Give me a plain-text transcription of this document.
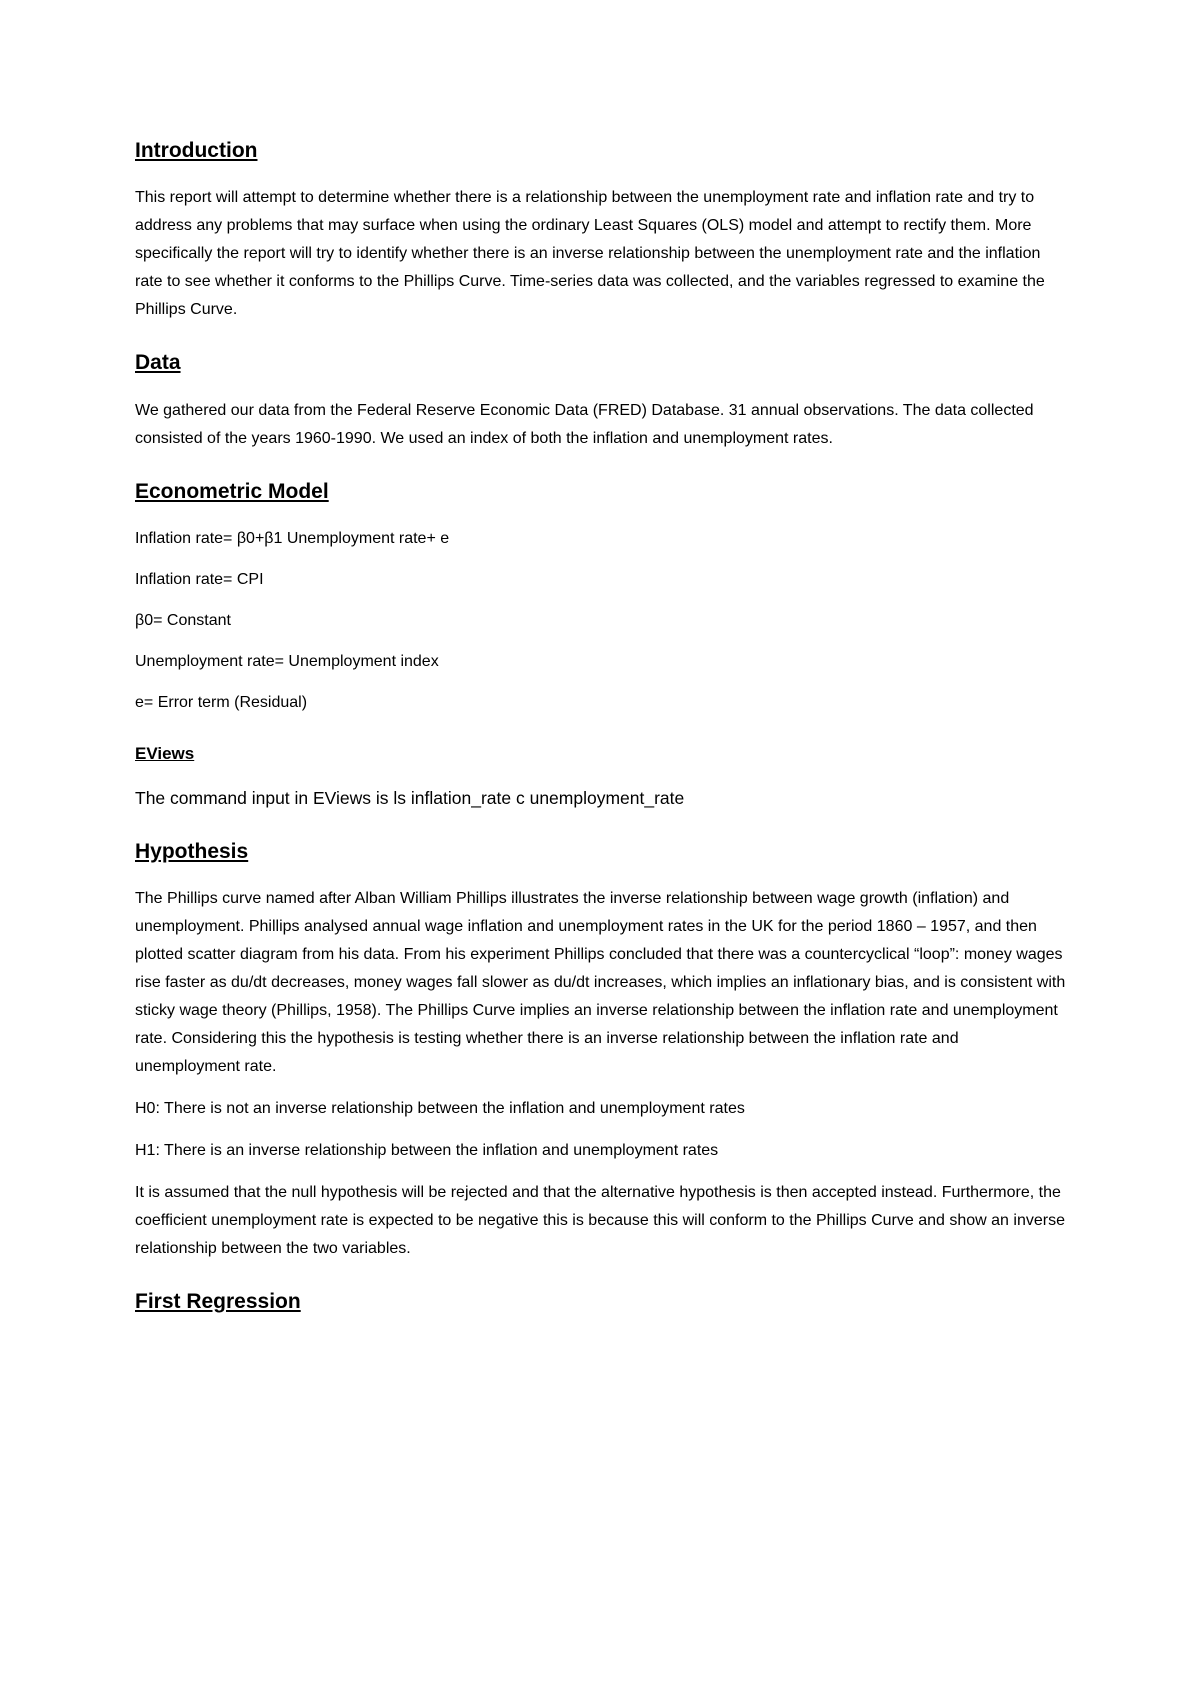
Introduction

This report will attempt to determine whether there is a relationship between the unemployment rate and inflation rate and try to address any problems that may surface when using the ordinary Least Squares (OLS) model and attempt to rectify them. More specifically the report will try to identify whether there is an inverse relationship between the unemployment rate and the inflation rate to see whether it conforms to the Phillips Curve. Time-series data was collected, and the variables regressed to examine the Phillips Curve.

Data

We gathered our data from the Federal Reserve Economic Data (FRED) Database. 31 annual observations. The data collected consisted of the years 1960-1990. We used an index of both the inflation and unemployment rates.

Econometric Model

Inflation rate= β0+β1 Unemployment rate+ e

Inflation rate= CPI

β0= Constant

Unemployment rate= Unemployment index

e= Error term (Residual)

EViews

The command input in EViews is ls inflation_rate c unemployment_rate

Hypothesis

The Phillips curve named after Alban William Phillips illustrates the inverse relationship between wage growth (inflation) and unemployment. Phillips analysed annual wage inflation and unemployment rates in the UK for the period 1860 – 1957, and then plotted scatter diagram from his data. From his experiment Phillips concluded that there was a countercyclical “loop”: money wages rise faster as du/dt decreases, money wages fall slower as du/dt increases, which implies an inflationary bias, and is consistent with sticky wage theory (Phillips, 1958). The Phillips Curve implies an inverse relationship between the inflation rate and unemployment rate. Considering this the hypothesis is testing whether there is an inverse relationship between the inflation rate and unemployment rate.

H0: There is not an inverse relationship between the inflation and unemployment rates

H1: There is an inverse relationship between the inflation and unemployment rates

It is assumed that the null hypothesis will be rejected and that the alternative hypothesis is then accepted instead. Furthermore, the coefficient unemployment rate is expected to be negative this is because this will conform to the Phillips Curve and show an inverse relationship between the two variables.

First Regression
